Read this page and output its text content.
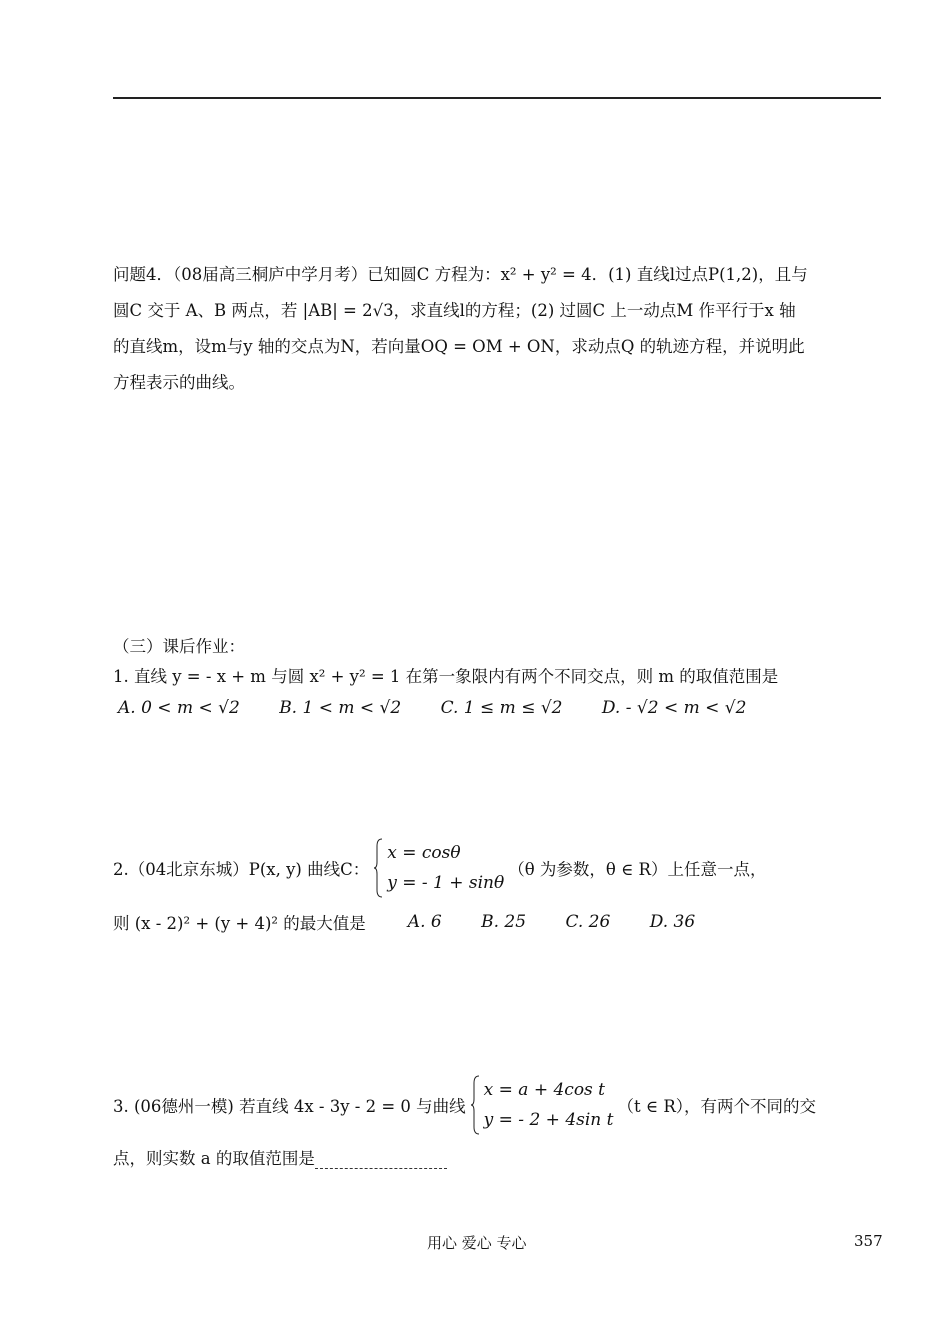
问题4．（08届高三桐庐中学月考）已知圆C 方程为：x² + y² = 4．(1) 直线l过点P(1,2)，且与
圆C 交于 A、B 两点，若 |AB| = 2√3，求直线l的方程；(2) 过圆C 上一动点M 作平行于x 轴
的直线m，设m与y 轴的交点为N，若向量OQ = OM + ON，求动点Q 的轨迹方程，并说明此
方程表示的曲线。
（三）课后作业：
1. 直线 y = - x + m 与圆 x² + y² = 1 在第一象限内有两个不同交点，则 m 的取值范围是
A. 0 < m < √2 B. 1 < m < √2 C. 1 ≤ m ≤ √2 D. - √2 < m < √2
2.（04北京东城）P(x, y) 曲线C：
x = cosθ
y = - 1 + sinθ
（θ 为参数，θ ∈ R）上任意一点，
则 (x - 2)² + (y + 4)² 的最大值是 A. 6 B. 25 C. 26 D. 36
3. (06德州一模) 若直线 4x - 3y - 2 = 0 与曲线
x = a + 4cos t
y = - 2 + 4sin t
（t ∈ R），有两个不同的交
点，则实数 a 的取值范围是
用心 爱心 专心	357
